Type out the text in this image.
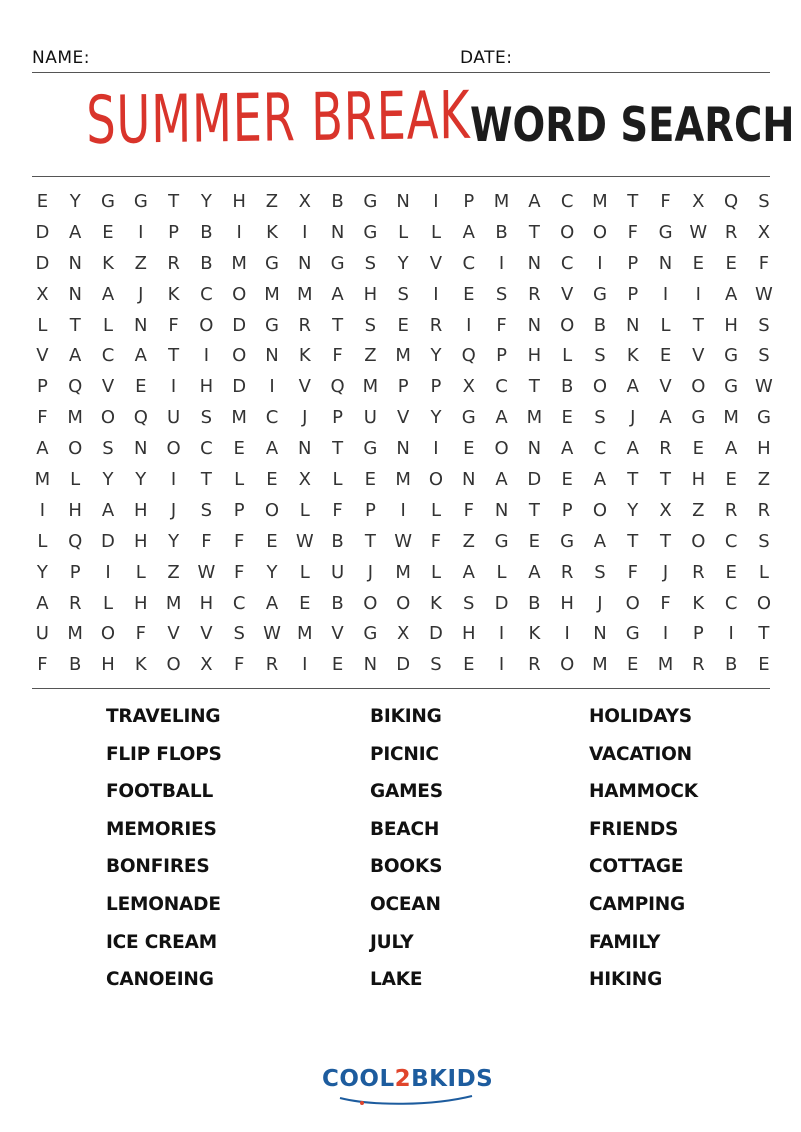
NAME:	DATE:
SUMMER BREAK WORD SEARCH
E	Y	G	G	T	Y	H	Z	X	B	G	N	I	P	M	A	C	M	T	F	X	Q	S
D	A	E	I	P	B	I	K	I	N	G	L	L	A	B	T	O	O	F	G W R	X
D	N	K	Z	R	B	M	G	N	G	S	Y	V	C	I	N	C	I	P	N	E	E	F
X	N	A	J	K	C	O M M	A	H	S	I	E	S	R	V	G	P	I	I	A W
L	T	L	N	F	O	D	G	R	T	S	E	R	I	F	N	O	B	N	L	T	H	S
V	A	C	A	T	I	O	N	K	F	Z	M	Y	Q	P	H	L	S	K	E	V	G	S
P	Q	V	E	I	H	D	I	V	Q M	P	P	X	C	T	B	O	A	V	O	G W
F	M O	Q	U	S	M	C	J	P	U	V	Y	G	A	M	E	S	J	A	G	M	G
A	O	S	N	O	C	E	A	N	T	G	N	I	E	O	N	A	C	A	R	E	A	H
M	L	Y	Y	I	T	L	E	X	L	E	M O	N	A	D	E	A	T	T	H	E	Z
I	H	A	H	J	S	P	O	L	F	P	I	L	F	N	T	P	O	Y	X	Z	R	R
L	Q	D	H	Y	F	F	E	W B	T	W	F	Z	G	E	G	A	T	T	O	C	S
Y	P	I	L	Z W	F	Y	L	U	J	M	L	A	L	A	R	S	F	J	R	E	L
A	R	L	H	M	H	C	A	E	B	O	O	K	S	D	B	H	J	O	F	K	C	O
U	M O	F	V	V	S	W M	V	G	X	D	H	I	K	I	N	G	I	P	I	T
F	B	H	K	O	X	F	R	I	E	N	D	S	E	I	R	O M	E	M	R	B	E
TRAVELING
FLIP FLOPS
FOOTBALL
MEMORIES
BONFIRES
LEMONADE
ICE CREAM
CANOEING
BIKING
PICNIC
GAMES
BEACH
BOOKS
OCEAN
JULY
LAKE
HOLIDAYS
VACATION
HAMMOCK
FRIENDS
COTTAGE
CAMPING
FAMILY
HIKING
COOL2BKIDS
